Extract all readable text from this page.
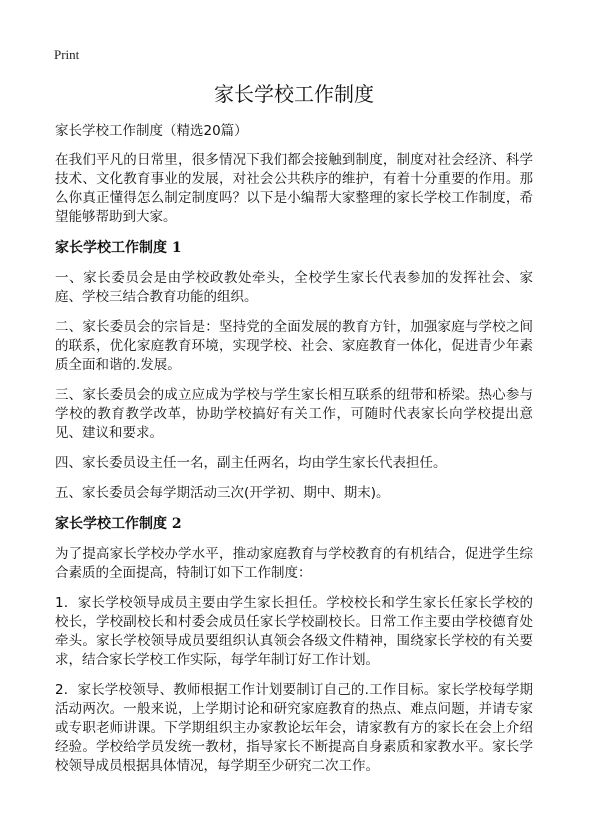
Print
家长学校工作制度

家长学校工作制度（精选20篇）

在我们平凡的日常里，很多情况下我们都会接触到制度，制度对社会经济、科学技术、文化教育事业的发展，对社会公共秩序的维护，有着十分重要的作用。那么你真正懂得怎么制定制度吗？以下是小编帮大家整理的家长学校工作制度，希望能够帮助到大家。

家长学校工作制度 1

一、家长委员会是由学校政教处牵头，全校学生家长代表参加的发挥社会、家庭、学校三结合教育功能的组织。

二、家长委员会的宗旨是：坚持党的全面发展的教育方针，加强家庭与学校之间的联系，优化家庭教育环境，实现学校、社会、家庭教育一体化，促进青少年素质全面和谐的.发展。

三、家长委员会的成立应成为学校与学生家长相互联系的纽带和桥梁。热心参与学校的教育教学改革，协助学校搞好有关工作，可随时代表家长向学校提出意见、建议和要求。

四、家长委员设主任一名，副主任两名，均由学生家长代表担任。

五、家长委员会每学期活动三次(开学初、期中、期末)。

家长学校工作制度 2

为了提高家长学校办学水平，推动家庭教育与学校教育的有机结合，促进学生综合素质的全面提高，特制订如下工作制度：

1．家长学校领导成员主要由学生家长担任。学校校长和学生家长任家长学校的校长，学校副校长和村委会成员任家长学校副校长。日常工作主要由学校德育处牵头。家长学校领导成员要组织认真领会各级文件精神，围绕家长学校的有关要求，结合家长学校工作实际，每学年制订好工作计划。

2．家长学校领导、教师根据工作计划要制订自己的.工作目标。家长学校每学期活动两次。一般来说，上学期讨论和研究家庭教育的热点、难点问题，并请专家或专职老师讲课。下学期组织主办家教论坛年会，请家教有方的家长在会上介绍经验。学校给学员发统一教材，指导家长不断提高自身素质和家教水平。家长学校领导成员根据具体情况，每学期至少研究二次工作。
